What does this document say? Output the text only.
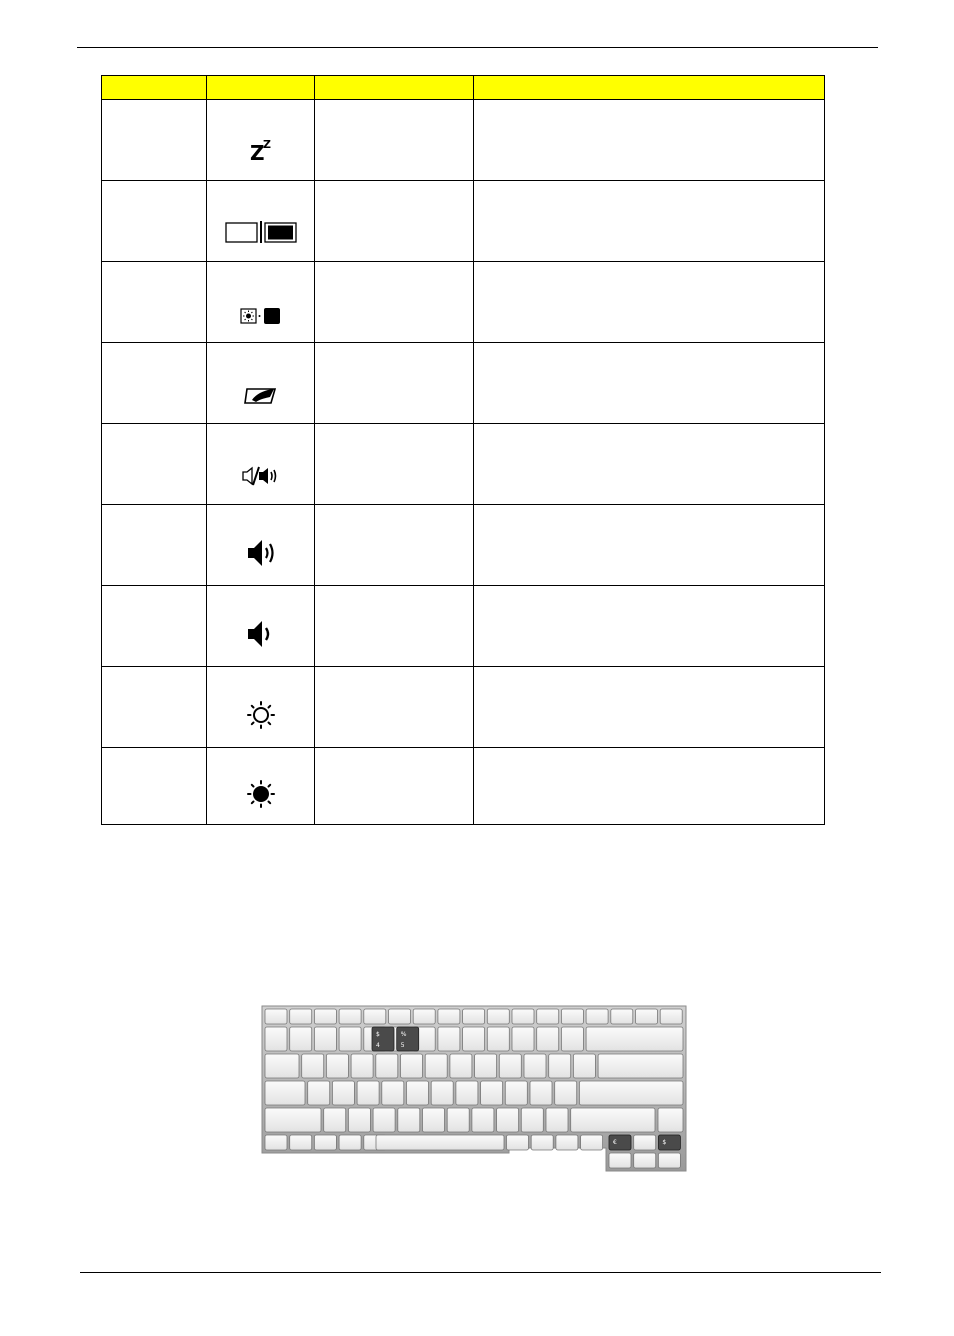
Z
Z		

$
4
%
5
€	$
